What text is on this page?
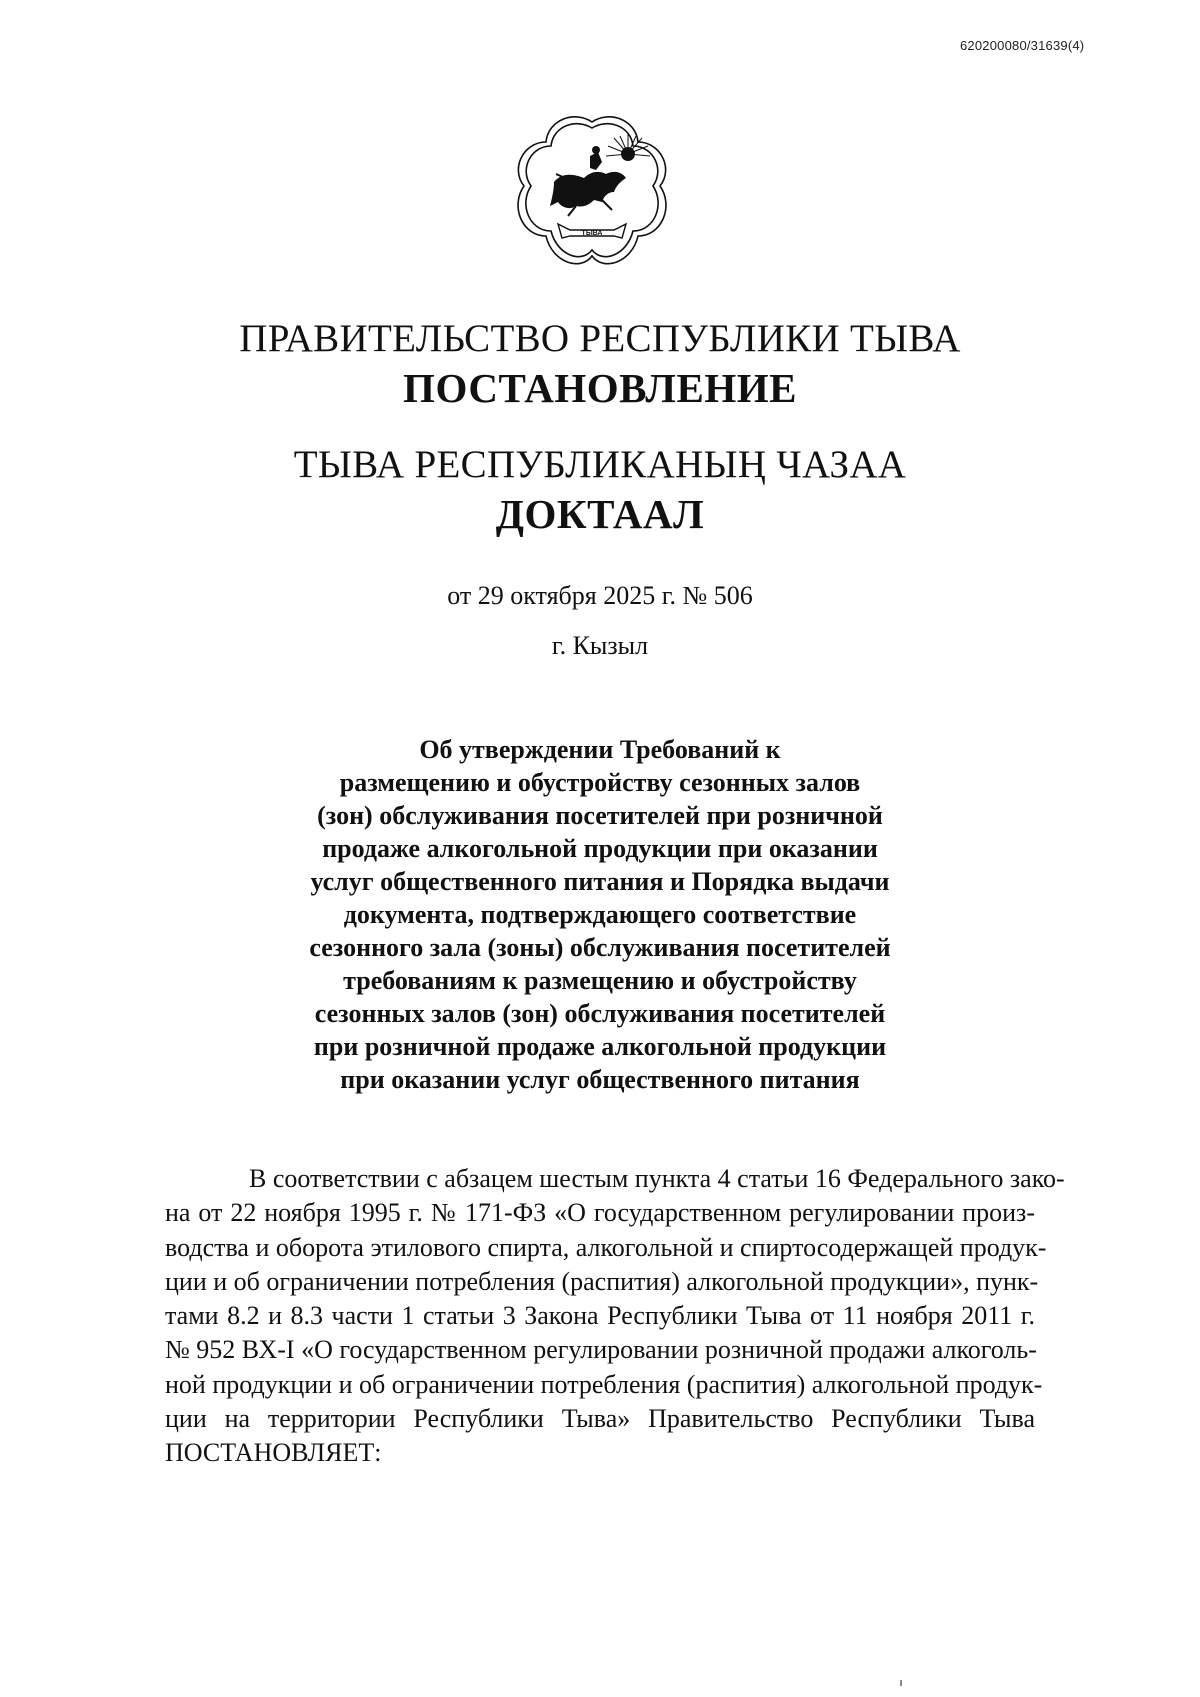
620200080/31639(4)
ТЫВА
ПРАВИТЕЛЬСТВО РЕСПУБЛИКИ ТЫВА
ПОСТАНОВЛЕНИЕ
ТЫВА РЕСПУБЛИКАНЫҢ ЧАЗАА
ДОКТААЛ
от 29 октября 2025 г. № 506
г. Кызыл
Об утверждении Требований к
размещению и обустройству сезонных залов
(зон) обслуживания посетителей при розничной
продаже алкогольной продукции при оказании
услуг общественного питания и Порядка выдачи
документа, подтверждающего соответствие
сезонного зала (зоны) обслуживания посетителей
требованиям к размещению и обустройству
сезонных залов (зон) обслуживания посетителей
при розничной продаже алкогольной продукции
при оказании услуг общественного питания
В соответствии с абзацем шестым пункта 4 статьи 16 Федерального зако-
на от 22 ноября 1995 г. № 171-ФЗ «О государственном регулировании произ-
водства и оборота этилового спирта, алкогольной и спиртосодержащей продук-
ции и об ограничении потребления (распития) алкогольной продукции», пунк-
тами 8.2 и 8.3 части 1 статьи 3 Закона Республики Тыва от 11 ноября 2011 г.
№ 952 ВХ-I «О государственном регулировании розничной продажи алкоголь-
ной продукции и об ограничении потребления (распития) алкогольной продук-
ции на территории Республики Тыва» Правительство Республики Тыва
ПОСТАНОВЛЯЕТ:
